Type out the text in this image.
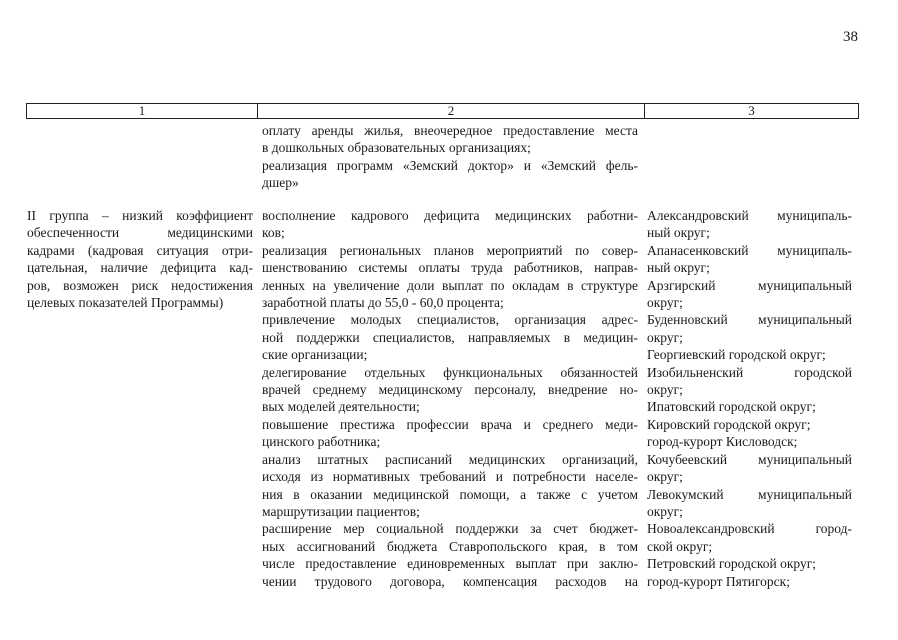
38
1	2	3
оплату аренды жилья, внеочередное предоставление места
в дошкольных образовательных организациях;
реализация программ «Земский доктор» и «Земский фель-
дшер»
II группа – низкий коэффициент
обеспеченности медицинскими
кадрами (кадровая ситуация отри-
цательная, наличие дефицита кад-
ров, возможен риск недостижения
целевых показателей Программы)
восполнение кадрового дефицита медицинских работни-
ков;
реализация региональных планов мероприятий по совер-
шенствованию системы оплаты труда работников, направ-
ленных на увеличение доли выплат по окладам в структуре
заработной платы до 55,0 - 60,0 процента;
привлечение молодых специалистов, организация адрес-
ной поддержки специалистов, направляемых в медицин-
ские организации;
делегирование отдельных функциональных обязанностей
врачей среднему медицинскому персоналу, внедрение но-
вых моделей деятельности;
повышение престижа профессии врача и среднего меди-
цинского работника;
анализ штатных расписаний медицинских организаций,
исходя из нормативных требований и потребности населе-
ния в оказании медицинской помощи, а также с учетом
маршрутизации пациентов;
расширение мер социальной поддержки за счет бюджет-
ных ассигнований бюджета Ставропольского края, в том
числе предоставление единовременных выплат при заклю-
чении трудового договора, компенсация расходов на
Александровский муниципаль-
ный округ;
Апанасенковский муниципаль-
ный округ;
Арзгирский муниципальный
округ;
Буденновский муниципальный
округ;
Георгиевский городской округ;
Изобильненский городской
округ;
Ипатовский городской округ;
Кировский городской округ;
город-курорт Кисловодск;
Кочубеевский муниципальный
округ;
Левокумский муниципальный
округ;
Новоалександровский город-
ской округ;
Петровский городской округ;
город-курорт Пятигорск;
